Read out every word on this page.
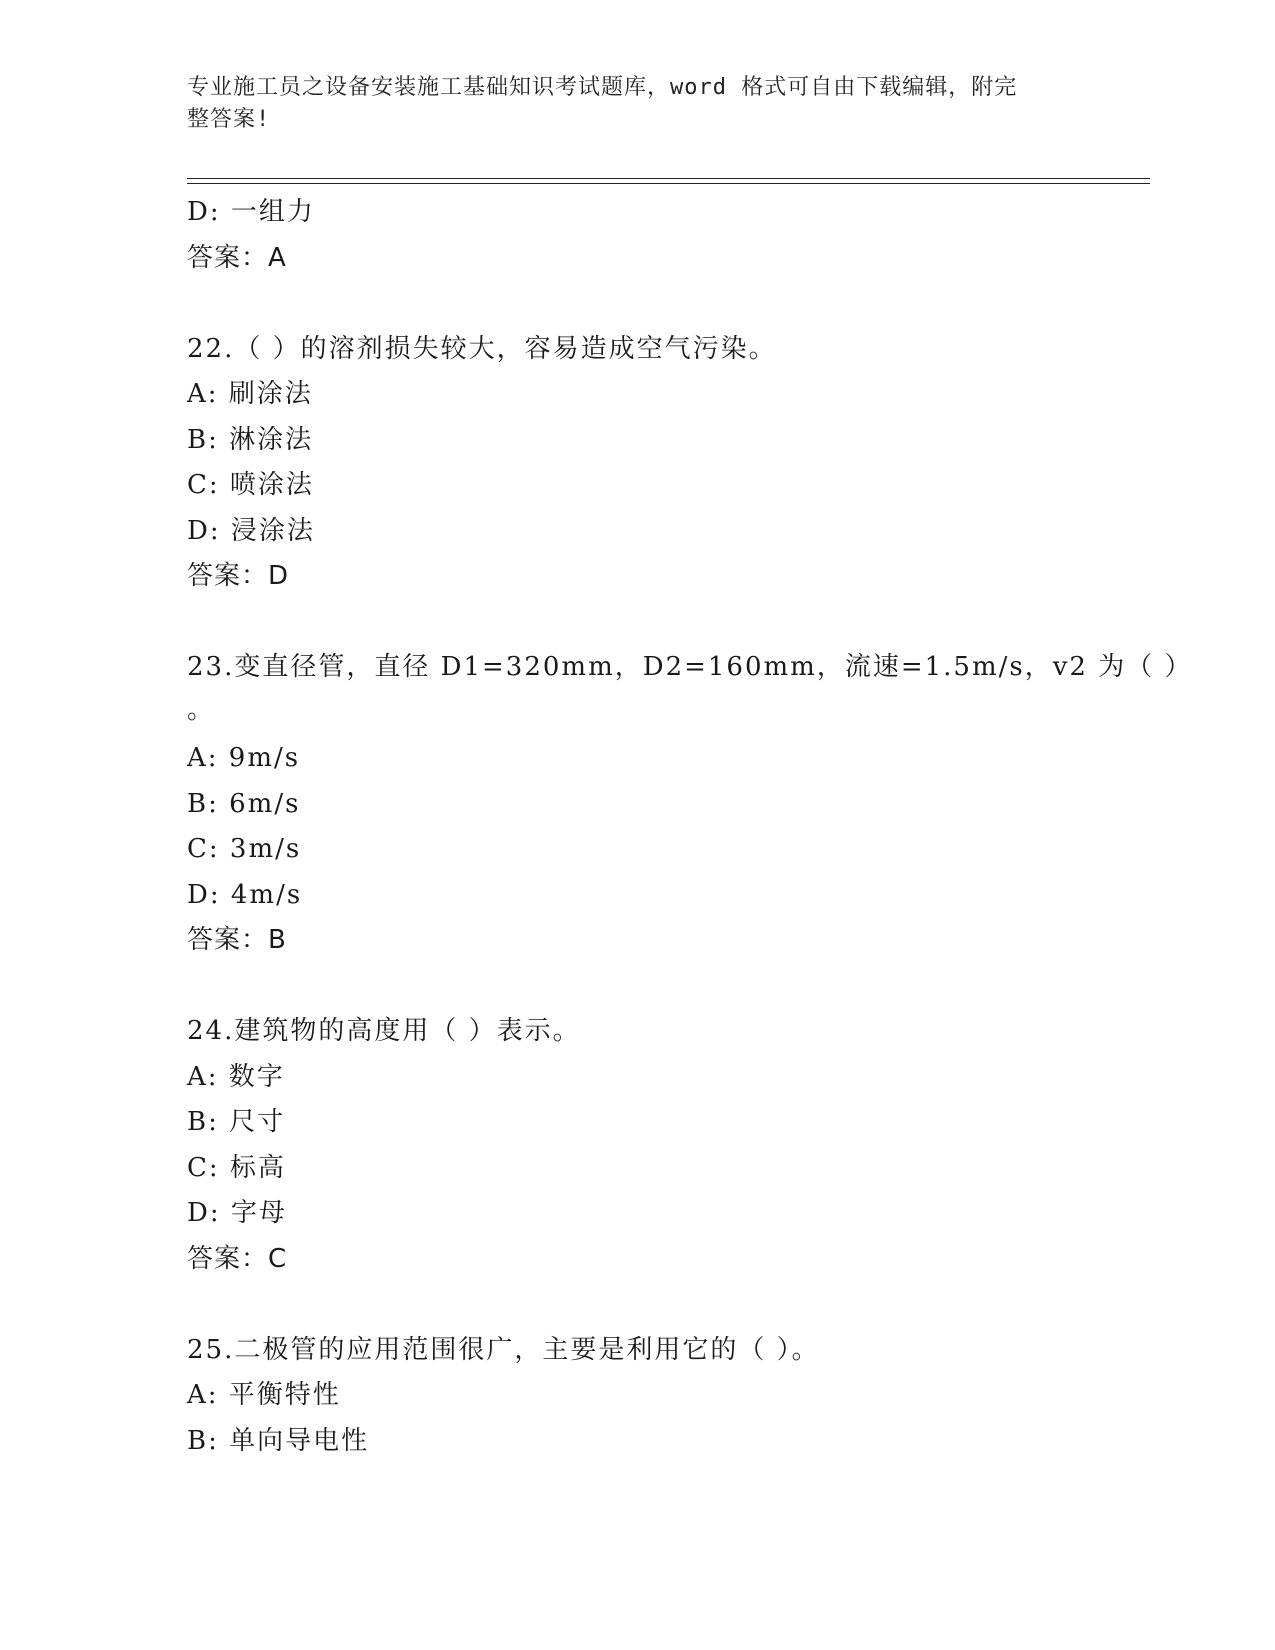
专业施工员之设备安装施工基础知识考试题库，word 格式可自由下载编辑，附完
整答案!
D: 一组力
答案：A
22.（ ）的溶剂损失较大，容易造成空气污染。
A: 刷涂法
B: 淋涂法
C: 喷涂法
D: 浸涂法
答案：D
23.变直径管，直径 D1=320mm，D2=160mm，流速=1.5m/s，v2 为（ ）
。
A: 9m/s
B: 6m/s
C: 3m/s
D: 4m/s
答案：B
24.建筑物的高度用（ ）表示。
A: 数字
B: 尺寸
C: 标高
D: 字母
答案：C
25.二极管的应用范围很广，主要是利用它的（ ）。
A: 平衡特性
B: 单向导电性
